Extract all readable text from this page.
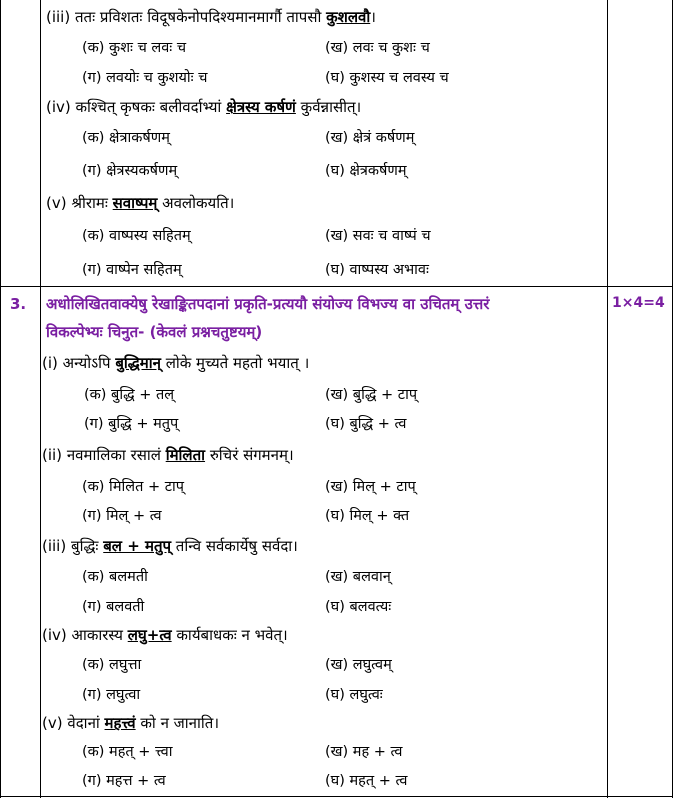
(iii) ततः प्रविशतः विदूषकेनोपदिश्यमानमार्गौ तापसौ कुशलवौ।
(क) कुशः च लवः च	(ख) लवः च कुशः च
(ग) लवयोः च कुशयोः च	(घ) कुशस्य च लवस्य च
(iv) कश्चित् कृषकः बलीवर्दाभ्यां क्षेत्रस्य कर्षणं कुर्वन्नासीत्।
(क) क्षेत्राकर्षणम्	(ख) क्षेत्रं कर्षणम्
(ग) क्षेत्रस्यकर्षणम्	(घ) क्षेत्रकर्षणम्
(v) श्रीरामः सवाष्पम् अवलोकयति।
(क) वाष्पस्य सहितम्	(ख) सवः च वाष्पं च
(ग) वाष्पेन सहितम्	(घ) वाष्पस्य अभावः
3. अधोलिखितवाक्येषु रेखाङ्कितपदानां प्रकृति-प्रत्ययौ संयोज्य विभज्य वा उचितम् उत्तरं
विकल्पेभ्यः चिनुत- (केवलं प्रश्नचतुष्टयम्)
1×4=4
(i) अन्योऽपि बुद्धिमान् लोके मुच्यते महतो भयात् ।
(क) बुद्धि + तल्	(ख) बुद्धि + टाप्
(ग) बुद्धि + मतुप्	(घ) बुद्धि + त्व
(ii) नवमालिका रसालं मिलिता रुचिरं संगमनम्।
(क) मिलित + टाप्	(ख) मिल् + टाप्
(ग) मिल् + त्व	(घ) मिल् + क्त
(iii) बुद्धिः बल + मतुप् तन्वि सर्वकार्येषु सर्वदा।
(क) बलमती	(ख) बलवान्
(ग) बलवती	(घ) बलवत्यः
(iv) आकारस्य लघु+त्व कार्यबाधकः न भवेत्।
(क) लघुत्ता	(ख) लघुत्वम्
(ग) लघुत्वा	(घ) लघुत्वः
(v) वेदानां महत्त्वं को न जानाति।
(क) महत् + त्त्वा	(ख) मह + त्व
(ग) महत्त + त्व	(घ) महत् + त्व
